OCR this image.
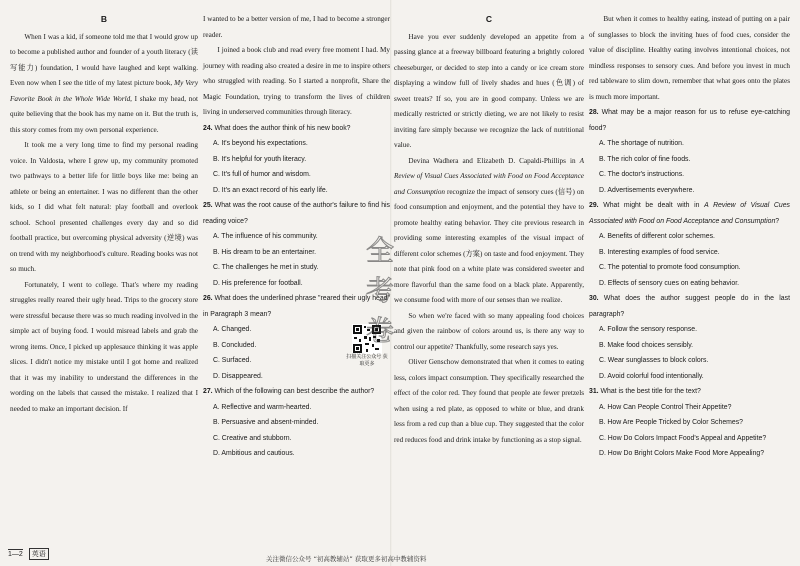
B

When I was a kid, if someone told me that I would grow up to become a published author and founder of a youth literacy (读写能力) foundation, I would have laughed and kept walking. Even now when I see the title of my latest picture book, My Very Favorite Book in the Whole Wide World, I shake my head, not quite believing that the book has my name on it. But the truth is, this story comes from my own personal experience.

It took me a very long time to find my personal reading voice. In Valdosta, where I grew up, my community promoted two pathways to a better life for little boys like me: being an athlete or being an entertainer. I was no different than the other kids, so I did what felt natural: play football and overlook school. School presented challenges every day and so did football practice, but overcoming physical adversity (逆境) was on trend with my neighborhood's culture. Reading books was not so much.

Fortunately, I went to college. That's where my reading struggles really reared their ugly head. Trips to the grocery store were stressful because there was so much reading involved in the simple act of buying food. I would misread labels and grab the wrong items. Once, I picked up applesauce thinking it was apple slices. I didn't notice my mistake until I got home and realized that it was my inability to understand the differences in the wording on the labels that caused the mistake. I realized that I needed to make an important decision. If

I wanted to be a better version of me, I had to become a stronger reader.

I joined a book club and read every free moment I had. My journey with reading also created a desire in me to inspire others who struggled with reading. So I started a nonprofit, Share the Magic Foundation, trying to transform the lives of children living in underserved communities through literacy.

24. What does the author think of his new book?

A. It's beyond his expectations.

B. It's helpful for youth literacy.

C. It's full of humor and wisdom.

D. It's an exact record of his early life.

25. What was the root cause of the author's failure to find his reading voice?

A. The influence of his community.

B. His dream to be an entertainer.

C. The challenges he met in study.

D. His preference for football.

26. What does the underlined phrase "reared their ugly head" in Paragraph 3 mean?

A. Changed.

B. Concluded.

C. Surfaced.

D. Disappeared.

扫描关注公众号 获取更多

27. Which of the following can best describe the author?

A. Reflective and warm-hearted.

B. Persuasive and absent-minded.

C. Creative and stubborn.

D. Ambitious and cautious.

C

Have you ever suddenly developed an appetite from a passing glance at a freeway billboard featuring a brightly colored cheeseburger, or decided to step into a candy or ice cream store displaying a window full of lively shades and hues (色调) of sweet treats? If so, you are in good company. Unless we are medically restricted or strictly dieting, we are not likely to resist inviting fare simply because we recognize the lack of nutritional value.

Devina Wadhera and Elizabeth D. Capaldi-Phillips in A Review of Visual Cues Associated with Food on Food Acceptance and Consumption recognize the impact of sensory cues (信号) on food consumption and enjoyment, and the potential they have to promote healthy eating behavior. They cite previous research in providing some interesting examples of the visual impact of different color schemes (方案) on taste and food enjoyment. They note that pink food on a white plate was considered sweeter and more flavorful than the same food on a black plate. Apparently, we consume food with more of our senses than we realize.

So when we're faced with so many appealing food choices and given the rainbow of colors around us, is there any way to control our appetite? Thankfully, some research says yes.

Oliver Genschow demonstrated that when it comes to eating less, colors impact consumption. They specifically researched the effect of the color red. They found that people ate fewer pretzels when using a red plate, as opposed to white or blue, and drank less from a red cup than a blue cup. They suggested that the color red reduces food and drink intake by functioning as a stop signal.

But when it comes to healthy eating, instead of putting on a pair of sunglasses to block the inviting hues of food cues, consider the value of discipline. Healthy eating involves intentional choices, not mindless responses to sensory cues. And before you invest in much red tableware to slim down, remember that what goes onto the plates is much more important.

28. What may be a major reason for us to refuse eye-catching food?

A. The shortage of nutrition.

B. The rich color of fine foods.

C. The doctor's instructions.

D. Advertisements everywhere.

29. What might be dealt with in A Review of Visual Cues Associated with Food on Food Acceptance and Consumption?

A. Benefits of different color schemes.

B. Interesting examples of food service.

C. The potential to promote food consumption.

D. Effects of sensory cues on eating behavior.

30. What does the author suggest people do in the last paragraph?

A. Follow the sensory response.

B. Make food choices sensibly.

C. Wear sunglasses to block colors.

D. Avoid colorful food intentionally.

31. What is the best title for the text?

A. How Can People Control Their Appetite?

B. How Are People Tricked by Color Schemes?

C. How Do Colors Impact Food's Appeal and Appetite?

D. How Do Bright Colors Make Food More Appealing?

全
考
卷
1—2 英语
关注微信公众号 “初高教辅站” 获取更多初高中教辅资料
